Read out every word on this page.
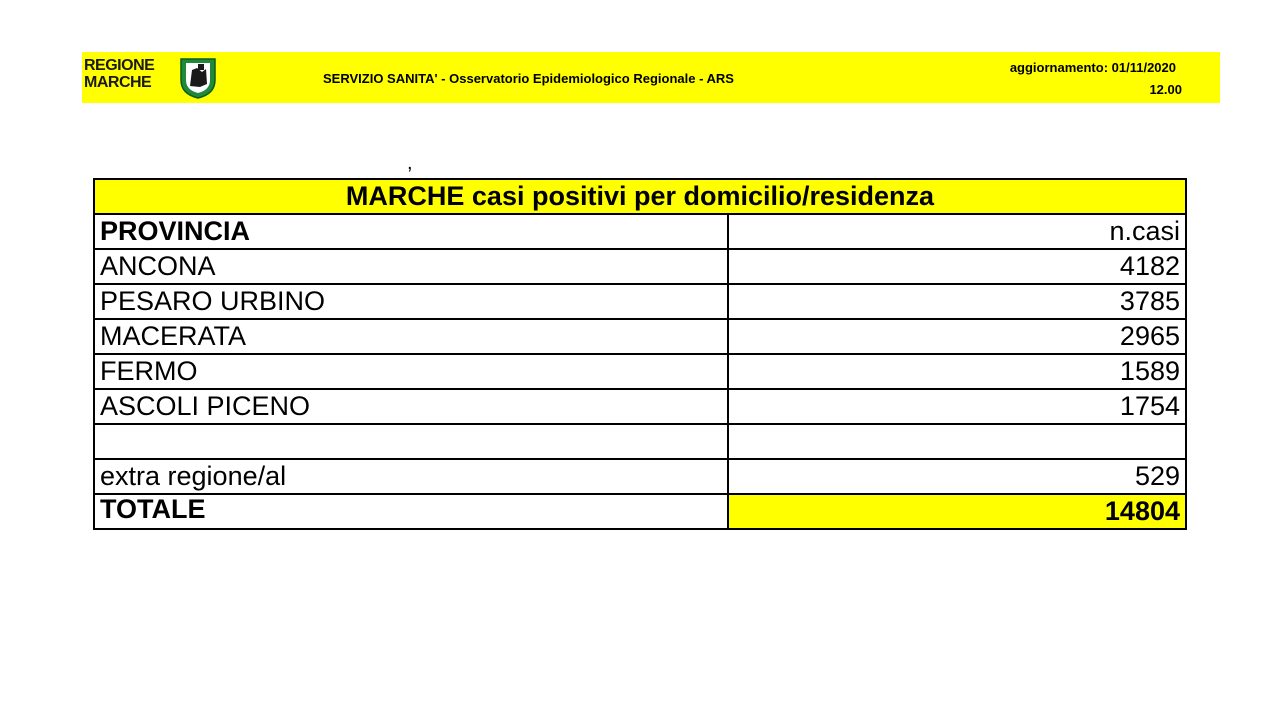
REGIONE
MARCHE	SERVIZIO SANITA' - Osservatorio Epidemiologico Regionale - ARS
aggiornamento: 01/11/2020
12.00
,
MARCHE casi positivi per domicilio/residenza	
PROVINCIA	n.casi
ANCONA	4182
PESARO URBINO	3785
MACERATA	2965
FERMO	1589
ASCOLI PICENO	1754

extra regione/al	529
TOTALE	14804
